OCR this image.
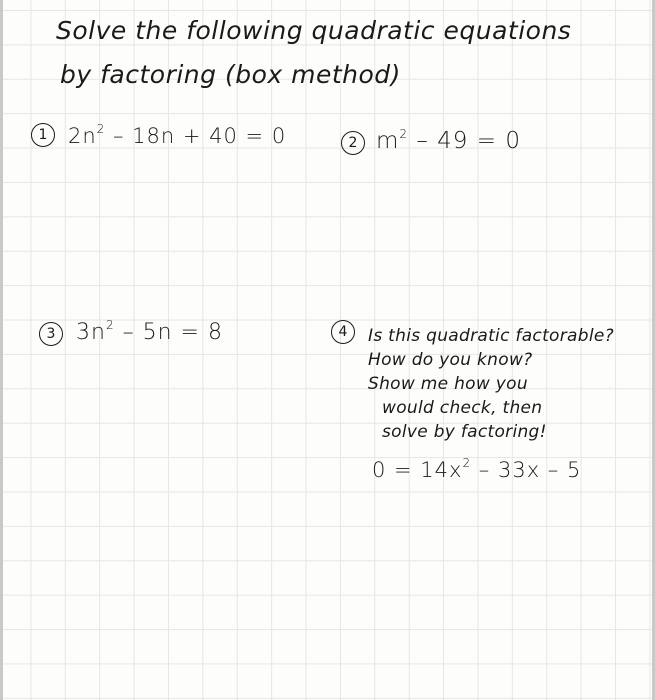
Solve the following quadratic equations
by factoring (box method)
1 $2n^2 - 18n + 40 = 0$	2 $m^2 - 49 = 0$
3 $3n^2 - 5n = 8$	4	Is this quadratic factorable?
How do you know?
Show me how you
would check, then
solve by factoring!
$0 = 14x^2 - 33x - 5$
